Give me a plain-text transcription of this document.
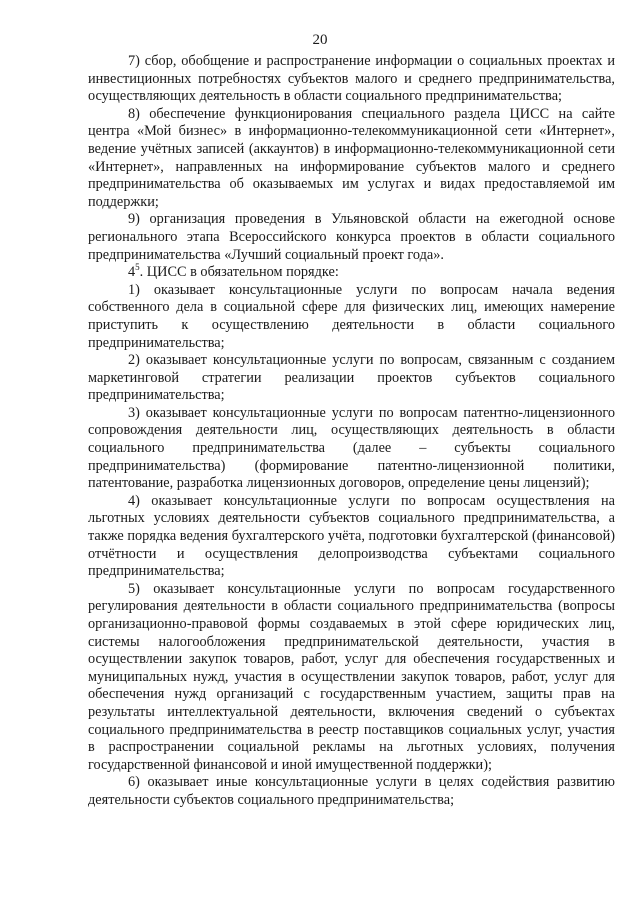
20

7) сбор, обобщение и распространение информации о социальных проектах и инвестиционных потребностях субъектов малого и среднего предпринимательства, осуществляющих деятельность в области социального предпринимательства;

8) обеспечение функционирования специального раздела ЦИСС на сайте центра «Мой бизнес» в информационно-телекоммуникационной сети «Интернет», ведение учётных записей (аккаунтов) в информационно-телекоммуникационной сети «Интернет», направленных на информирование субъектов малого и среднего предпринимательства об оказываемых им услугах и видах предоставляемой им поддержки;

9) организация проведения в Ульяновской области на ежегодной основе регионального этапа Всероссийского конкурса проектов в области социального предпринимательства «Лучший социальный проект года».

$4^5$. ЦИСС в обязательном порядке:

1) оказывает консультационные услуги по вопросам начала ведения собственного дела в социальной сфере для физических лиц, имеющих намерение приступить к осуществлению деятельности в области социального предпринимательства;

2) оказывает консультационные услуги по вопросам, связанным с созданием маркетинговой стратегии реализации проектов субъектов социального предпринимательства;

3) оказывает консультационные услуги по вопросам патентно-лицензионного сопровождения деятельности лиц, осуществляющих деятельность в области социального предпринимательства (далее – субъекты социального предпринимательства) (формирование патентно-лицензионной политики, патентование, разработка лицензионных договоров, определение цены лицензий);

4) оказывает консультационные услуги по вопросам осуществления на льготных условиях деятельности субъектов социального предпринимательства, а также порядка ведения бухгалтерского учёта, подготовки бухгалтерской (финансовой) отчётности и осуществления делопроизводства субъектами социального предпринимательства;

5) оказывает консультационные услуги по вопросам государственного регулирования деятельности в области социального предпринимательства (вопросы организационно-правовой формы создаваемых в этой сфере юридических лиц, системы налогообложения предпринимательской деятельности, участия в осуществлении закупок товаров, работ, услуг для обеспечения государственных и муниципальных нужд, участия в осуществлении закупок товаров, работ, услуг для обеспечения нужд организаций с государственным участием, защиты прав на результаты интеллектуальной деятельности, включения сведений о субъектах социального предпринимательства в реестр поставщиков социальных услуг, участия в распространении социальной рекламы на льготных условиях, получения государственной финансовой и иной имущественной поддержки);

6) оказывает иные консультационные услуги в целях содействия развитию деятельности субъектов социального предпринимательства;
